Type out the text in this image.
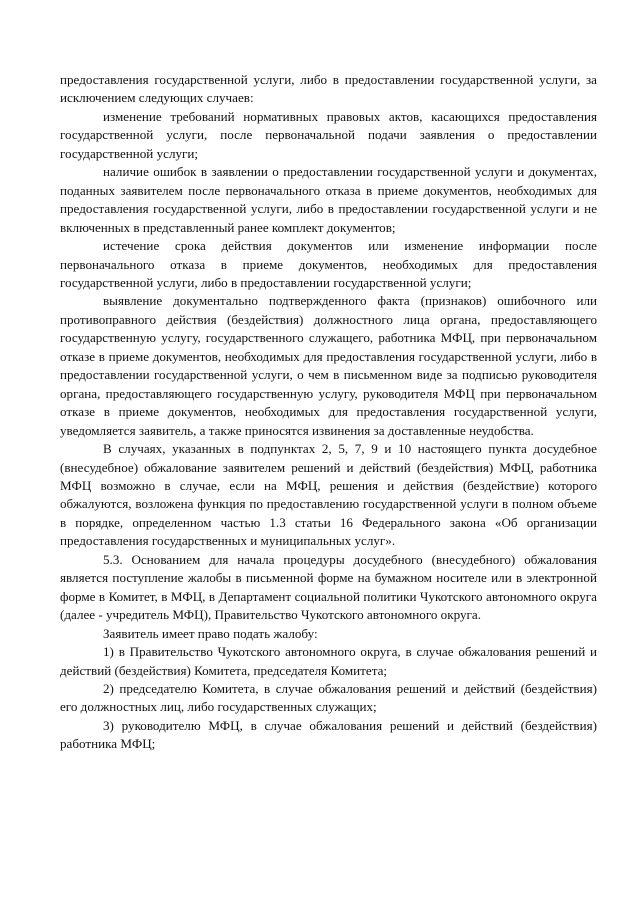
предоставления государственной услуги, либо в предоставлении государственной услуги, за исключением следующих случаев:

изменение требований нормативных правовых актов, касающихся предоставления государственной услуги, после первоначальной подачи заявления о предоставлении государственной услуги;

наличие ошибок в заявлении о предоставлении государственной услуги и документах, поданных заявителем после первоначального отказа в приеме документов, необходимых для предоставления государственной услуги, либо в предоставлении государственной услуги и не включенных в представленный ранее комплект документов;

истечение срока действия документов или изменение информации после первоначального отказа в приеме документов, необходимых для предоставления государственной услуги, либо в предоставлении государственной услуги;

выявление документально подтвержденного факта (признаков) ошибочного или противоправного действия (бездействия) должностного лица органа, предоставляющего государственную услугу, государственного служащего, работника МФЦ, при первоначальном отказе в приеме документов, необходимых для предоставления государственной услуги, либо в предоставлении государственной услуги, о чем в письменном виде за подписью руководителя органа, предоставляющего государственную услугу, руководителя МФЦ при первоначальном отказе в приеме документов, необходимых для предоставления государственной услуги, уведомляется заявитель, а также приносятся извинения за доставленные неудобства.

В случаях, указанных в подпунктах 2, 5, 7, 9 и 10 настоящего пункта досудебное (внесудебное) обжалование заявителем решений и действий (бездействия) МФЦ, работника МФЦ возможно в случае, если на МФЦ, решения и действия (бездействие) которого обжалуются, возложена функция по предоставлению государственной услуги в полном объеме в порядке, определенном частью 1.3 статьи 16 Федерального закона «Об организации предоставления государственных и муниципальных услуг».

5.3. Основанием для начала процедуры досудебного (внесудебного) обжалования является поступление жалобы в письменной форме на бумажном носителе или в электронной форме в Комитет, в МФЦ, в Департамент социальной политики Чукотского автономного округа (далее - учредитель МФЦ), Правительство Чукотского автономного округа.

Заявитель имеет право подать жалобу:

1) в Правительство Чукотского автономного округа, в случае обжалования решений и действий (бездействия) Комитета, председателя Комитета;

2) председателю Комитета, в случае обжалования решений и действий (бездействия) его должностных лиц, либо государственных служащих;

3) руководителю МФЦ, в случае обжалования решений и действий (бездействия) работника МФЦ;
